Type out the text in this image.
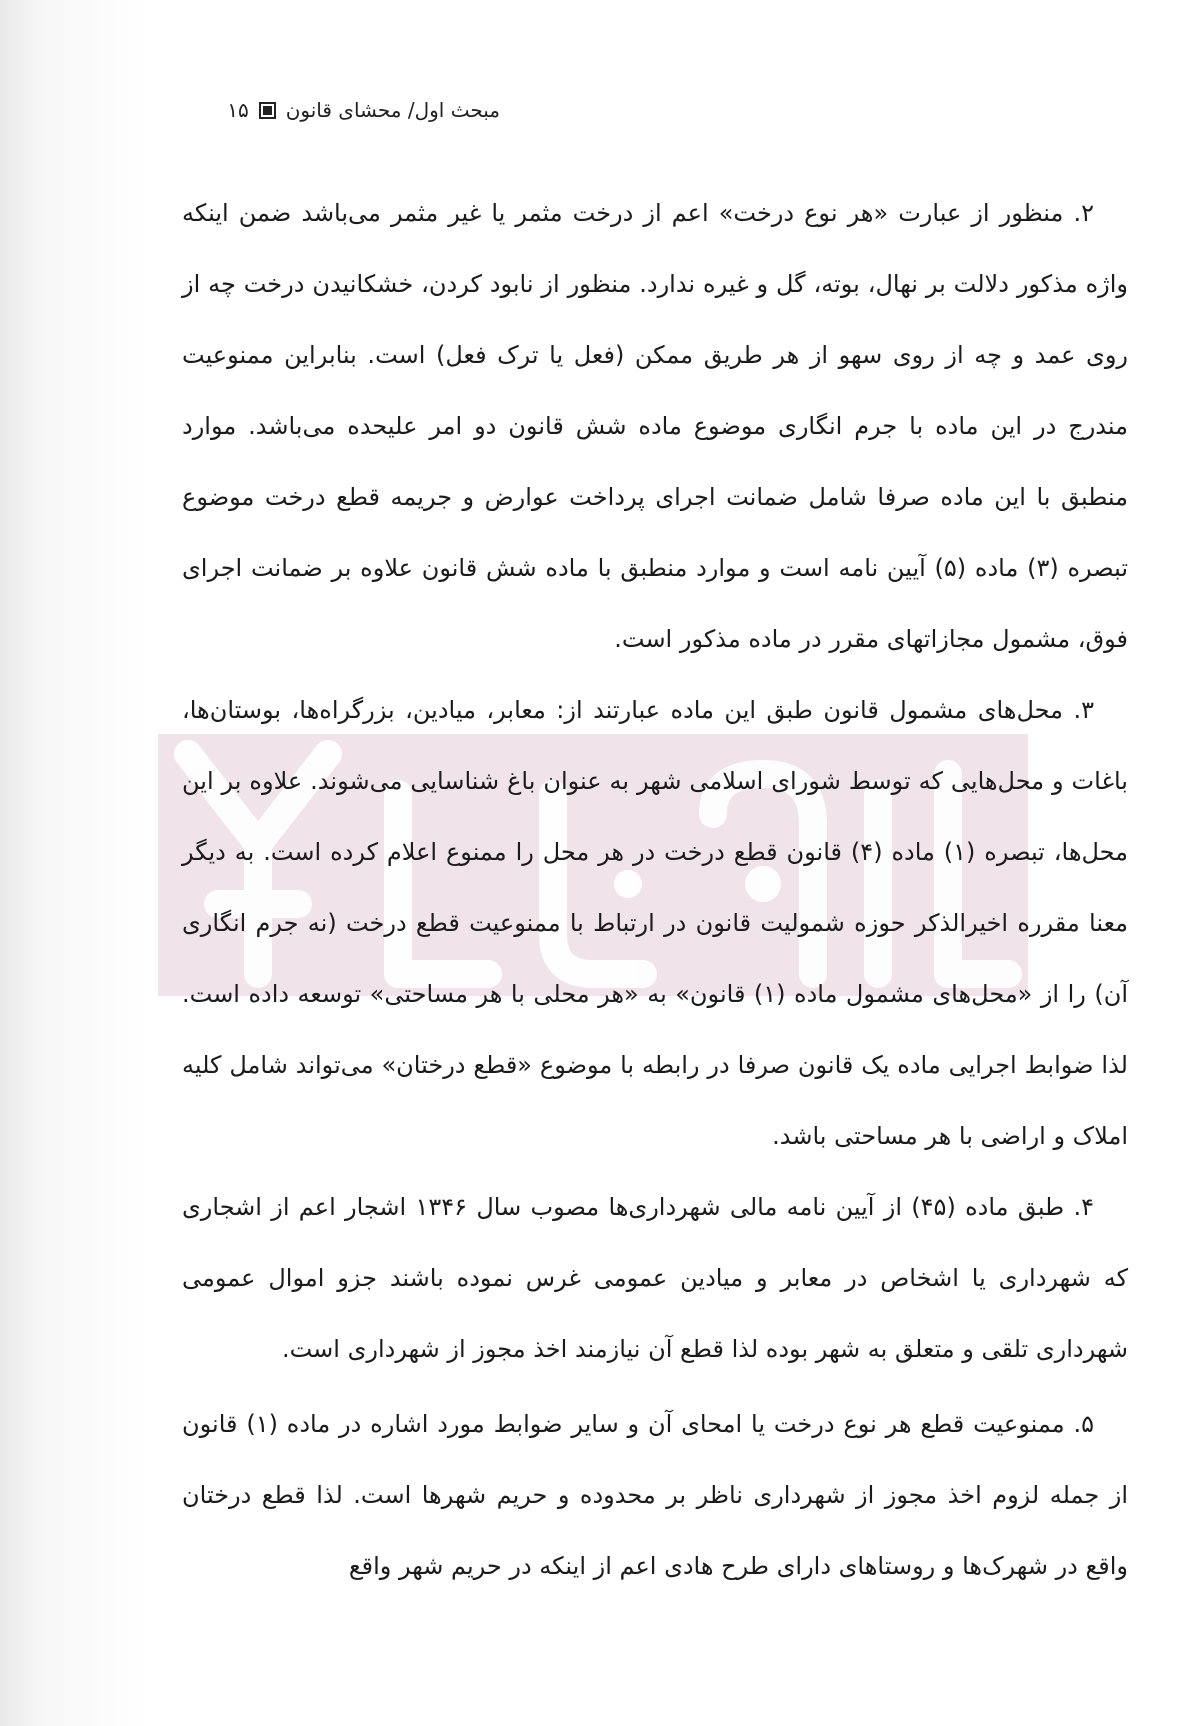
مبحث اول/ محشای قانون
۱۵

۲. منظور از عبارت «هر نوع درخت» اعم از درخت مثمر یا غیر مثمر می‌باشد ضمن اینکه واژه مذکور دلالت بر نهال، بوته، گل و غیره ندارد. منظور از نابود کردن، خشکانیدن درخت چه از روی عمد و چه از روی سهو از هر طریق ممکن (فعل یا ترک فعل) است. بنابراین ممنوعیت مندرج در این ماده با جرم انگاری موضوع ماده شش قانون دو امر علیحده می‌باشد. موارد منطبق با این ماده صرفا شامل ضمانت اجرای پرداخت عوارض و جریمه قطع درخت موضوع تبصره (۳) ماده (۵) آیین نامه است و موارد منطبق با ماده شش قانون علاوه بر ضمانت اجرای فوق، مشمول مجازاتهای مقرر در ماده مذکور است.

۳. محل‌های مشمول قانون طبق این ماده عبارتند از: معابر، میادین، بزرگراه‌ها، بوستان‌ها، باغات و محل‌هایی که توسط شورای اسلامی شهر به عنوان باغ شناسایی می‌شوند. علاوه بر این محل‌ها، تبصره (۱) ماده (۴) قانون قطع درخت در هر محل را ممنوع اعلام کرده است. به دیگر معنا مقرره اخیرالذکر حوزه شمولیت قانون در ارتباط با ممنوعیت قطع درخت (نه جرم انگاری آن) را از «محل‌های مشمول ماده (۱) قانون» به «هر محلی با هر مساحتی» توسعه داده است. لذا ضوابط اجرایی ماده یک قانون صرفا در رابطه با موضوع «قطع درختان» می‌تواند شامل کلیه املاک و اراضی با هر مساحتی باشد.

۴. طبق ماده (۴۵) از آیین نامه مالی شهرداری‌ها مصوب سال ۱۳۴۶ اشجار اعم از اشجاری که شهرداری یا اشخاص در معابر و میادین عمومی غرس نموده باشند جزو اموال عمومی شهرداری تلقی و متعلق به شهر بوده لذا قطع آن نیازمند اخذ مجوز از شهرداری است.

۵. ممنوعیت قطع هر نوع درخت یا امحای آن و سایر ضوابط مورد اشاره در ماده (۱) قانون از جمله لزوم اخذ مجوز از شهرداری ناظر بر محدوده و حریم شهرها است. لذا قطع درختان واقع در شهرک‌ها و روستاهای دارای طرح هادی اعم از اینکه در حریم شهر واقع
